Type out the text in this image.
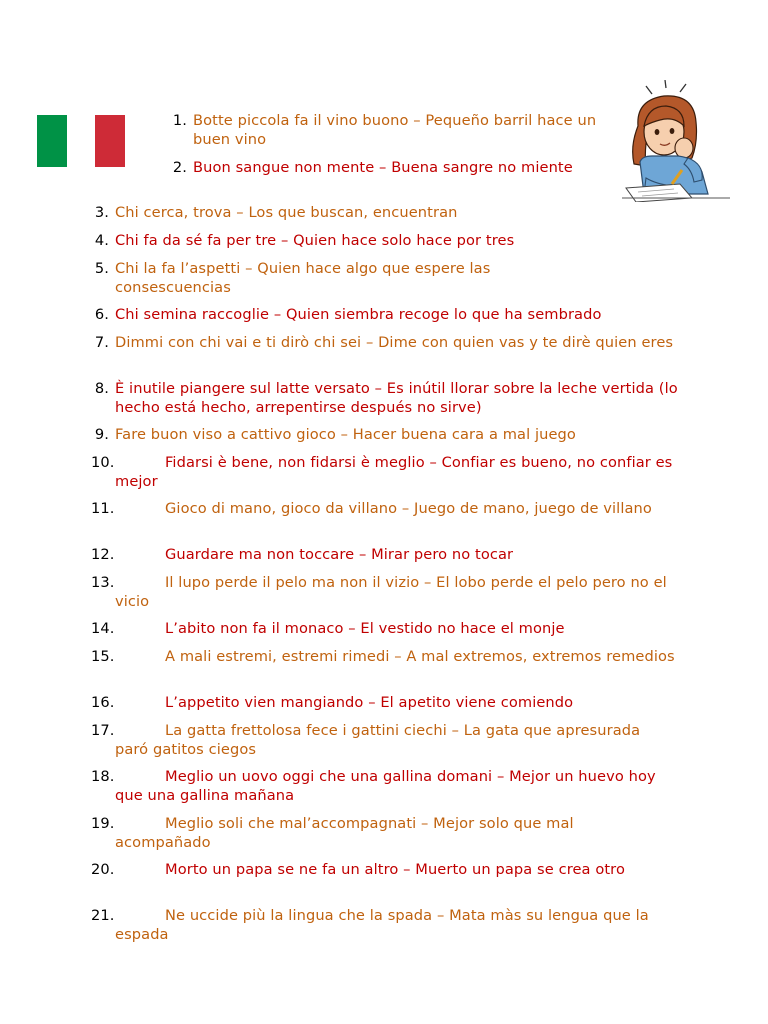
1. Botte piccola fa il vino buono – Pequeño barril hace un buen vino
2. Buon sangue non mente – Buena sangre no miente
3. Chi cerca, trova – Los que buscan, encuentran
4. Chi fa da sé fa per tre – Quien hace solo hace por tres
5. Chi la fa l’aspetti – Quien hace algo que espere las consescuencias
6. Chi semina raccoglie – Quien siembra recoge lo que ha sembrado
7. Dimmi con chi vai e ti dirò chi sei – Dime con quien vas y te dirè quien eres
8. È inutile piangere sul latte versato – Es inútil llorar sobre la leche vertida (lo hecho está hecho, arrepentirse después no sirve)
9. Fare buon viso a cattivo gioco – Hacer buena cara a mal juego
10.	Fidarsi è bene, non fidarsi è meglio – Confiar es bueno, no confiar es mejor
11.	Gioco di mano, gioco da villano – Juego de mano, juego de villano
12.	Guardare ma non toccare – Mirar pero no tocar
13.	Il lupo perde il pelo ma non il vizio – El lobo perde el pelo pero no el vicio
14.	L’abito non fa il monaco – El vestido no hace el monje
15.	A mali estremi, estremi rimedi – A mal extremos, extremos remedios
16.	L’appetito vien mangiando – El apetito viene comiendo
17.	La gatta frettolosa fece i gattini ciechi – La gata que apresurada paró gatitos ciegos
18.	Meglio un uovo oggi che una gallina domani – Mejor un huevo hoy que una gallina mañana
19.	Meglio soli che mal’accompagnati – Mejor solo que mal acompañado
20.	Morto un papa se ne fa un altro – Muerto un papa se crea otro
21.	Ne uccide più la lingua che la spada – Mata màs su lengua que la espada
